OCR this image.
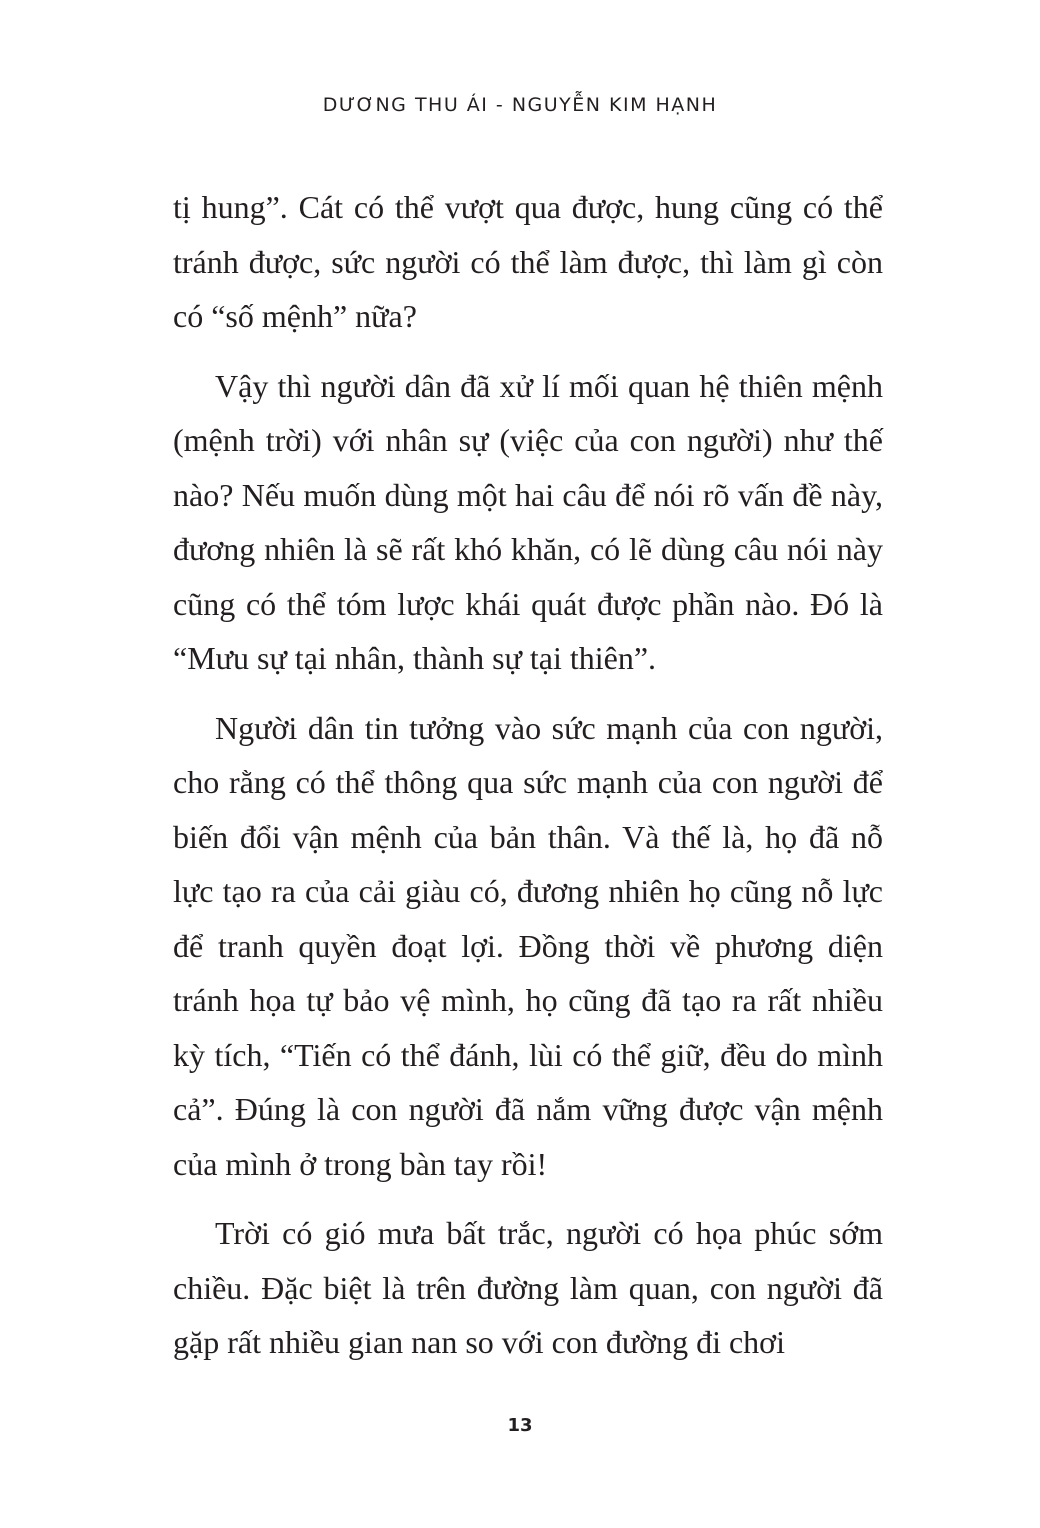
DƯƠNG THU ÁI - NGUYỄN KIM HẠNH

tị hung”. Cát có thể vượt qua được, hung cũng có thể tránh được, sức người có thể làm được, thì làm gì còn có “số mệnh” nữa?

Vậy thì người dân đã xử lí mối quan hệ thiên mệnh (mệnh trời) với nhân sự (việc của con người) như thế nào? Nếu muốn dùng một hai câu để nói rõ vấn đề này, đương nhiên là sẽ rất khó khăn, có lẽ dùng câu nói này cũng có thể tóm lược khái quát được phần nào. Đó là “Mưu sự tại nhân, thành sự tại thiên”.

Người dân tin tưởng vào sức mạnh của con người, cho rằng có thể thông qua sức mạnh của con người để biến đổi vận mệnh của bản thân. Và thế là, họ đã nỗ lực tạo ra của cải giàu có, đương nhiên họ cũng nỗ lực để tranh quyền đoạt lợi. Đồng thời về phương diện tránh họa tự bảo vệ mình, họ cũng đã tạo ra rất nhiều kỳ tích, “Tiến có thể đánh, lùi có thể giữ, đều do mình cả”. Đúng là con người đã nắm vững được vận mệnh của mình ở trong bàn tay rồi!

Trời có gió mưa bất trắc, người có họa phúc sớm chiều. Đặc biệt là trên đường làm quan, con người đã gặp rất nhiều gian nan so với con đường đi chơi

13
